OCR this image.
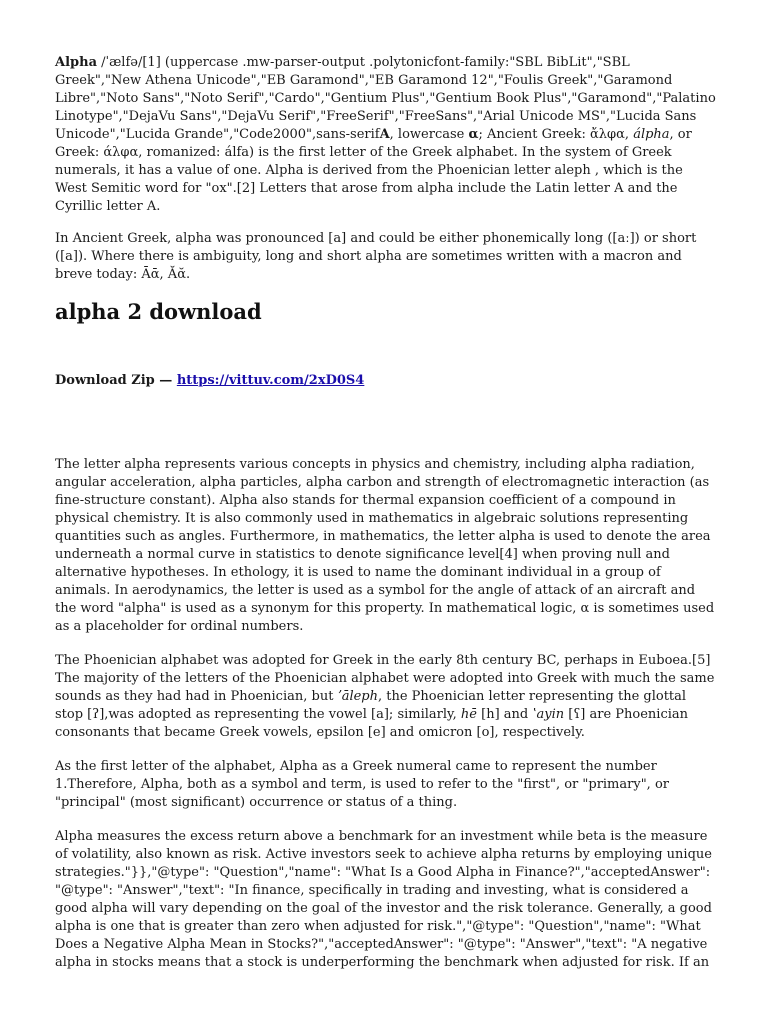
Alpha /ˈælfə/[1] (uppercase .mw-parser-output .polytonicfont-family:"SBL BibLit","SBL Greek","New Athena Unicode","EB Garamond","EB Garamond 12","Foulis Greek","Garamond Libre","Noto Sans","Noto Serif","Cardo","Gentium Plus","Gentium Book Plus","Garamond","Palatino Linotype","DejaVu Sans","DejaVu Serif","FreeSerif","FreeSans","Arial Unicode MS","Lucida Sans Unicode","Lucida Grande","Code2000",sans-serifA, lowercase α; Ancient Greek: ἄλφα, álpha, or Greek: άλφα, romanized: álfa) is the first letter of the Greek alphabet. In the system of Greek numerals, it has a value of one. Alpha is derived from the Phoenician letter aleph , which is the West Semitic word for "ox".[2] Letters that arose from alpha include the Latin letter A and the Cyrillic letter A.

In Ancient Greek, alpha was pronounced [a] and could be either phonemically long ([aː]) or short ([a]). Where there is ambiguity, long and short alpha are sometimes written with a macron and breve today: Āᾱ, Ăᾰ.

alpha 2 download

Download Zip — https://vittuv.com/2xD0S4

The letter alpha represents various concepts in physics and chemistry, including alpha radiation, angular acceleration, alpha particles, alpha carbon and strength of electromagnetic interaction (as fine-structure constant). Alpha also stands for thermal expansion coefficient of a compound in physical chemistry. It is also commonly used in mathematics in algebraic solutions representing quantities such as angles. Furthermore, in mathematics, the letter alpha is used to denote the area underneath a normal curve in statistics to denote significance level[4] when proving null and alternative hypotheses. In ethology, it is used to name the dominant individual in a group of animals. In aerodynamics, the letter is used as a symbol for the angle of attack of an aircraft and the word "alpha" is used as a synonym for this property. In mathematical logic, α is sometimes used as a placeholder for ordinal numbers.

The Phoenician alphabet was adopted for Greek in the early 8th century BC, perhaps in Euboea.[5] The majority of the letters of the Phoenician alphabet were adopted into Greek with much the same sounds as they had had in Phoenician, but ʼāleph, the Phoenician letter representing the glottal stop [ʔ],was adopted as representing the vowel [a]; similarly, hē [h] and ʽayin [ʕ] are Phoenician consonants that became Greek vowels, epsilon [e] and omicron [o], respectively.

As the first letter of the alphabet, Alpha as a Greek numeral came to represent the number 1.Therefore, Alpha, both as a symbol and term, is used to refer to the "first", or "primary", or "principal" (most significant) occurrence or status of a thing.

Alpha measures the excess return above a benchmark for an investment while beta is the measure of volatility, also known as risk. Active investors seek to achieve alpha returns by employing unique strategies."}},"@type": "Question","name": "What Is a Good Alpha in Finance?","acceptedAnswer": "@type": "Answer","text": "In finance, specifically in trading and investing, what is considered a good alpha will vary depending on the goal of the investor and the risk tolerance. Generally, a good alpha is one that is greater than zero when adjusted for risk.","@type": "Question","name": "What Does a Negative Alpha Mean in Stocks?","acceptedAnswer": "@type": "Answer","text": "A negative alpha in stocks means that a stock is underperforming the benchmark when adjusted for risk. If an
